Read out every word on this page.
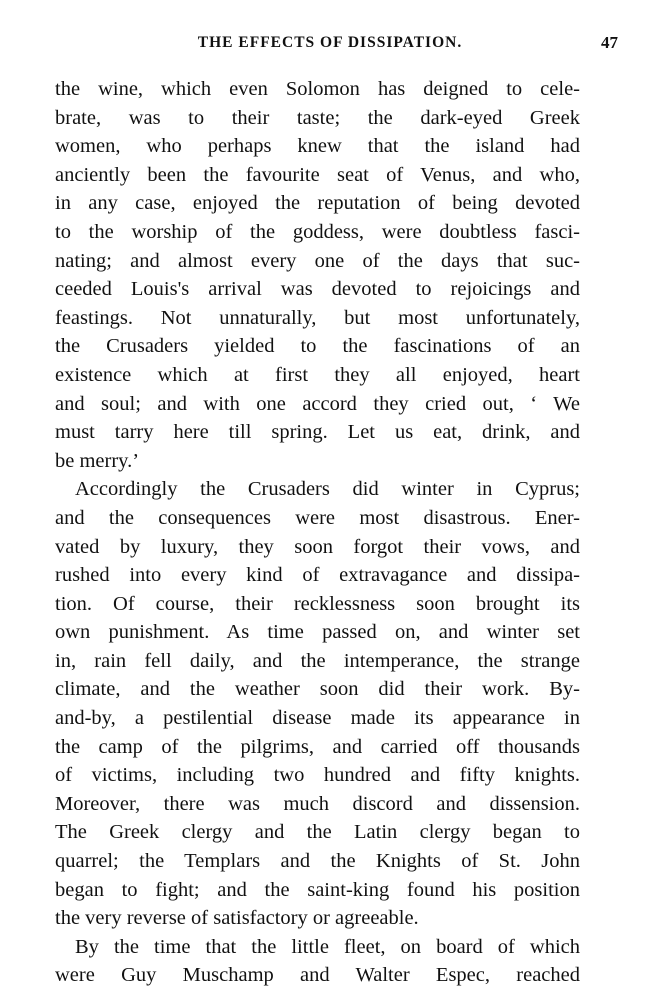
THE EFFECTS OF DISSIPATION.	47
the wine, which even Solomon has deigned to cele-
brate, was to their taste; the dark-eyed Greek
women, who perhaps knew that the island had
anciently been the favourite seat of Venus, and who,
in any case, enjoyed the reputation of being devoted
to the worship of the goddess, were doubtless fasci-
nating; and almost every one of the days that suc-
ceeded Louis's arrival was devoted to rejoicings and
feastings. Not unnaturally, but most unfortunately,
the Crusaders yielded to the fascinations of an
existence which at first they all enjoyed, heart
and soul; and with one accord they cried out, ‘ We
must tarry here till spring. Let us eat, drink, and
be merry.’
Accordingly the Crusaders did winter in Cyprus;
and the consequences were most disastrous. Ener-
vated by luxury, they soon forgot their vows, and
rushed into every kind of extravagance and dissipa-
tion. Of course, their recklessness soon brought its
own punishment. As time passed on, and winter set
in, rain fell daily, and the intemperance, the strange
climate, and the weather soon did their work. By-
and-by, a pestilential disease made its appearance in
the camp of the pilgrims, and carried off thousands
of victims, including two hundred and fifty knights.
Moreover, there was much discord and dissension.
The Greek clergy and the Latin clergy began to
quarrel; the Templars and the Knights of St. John
began to fight; and the saint-king found his position
the very reverse of satisfactory or agreeable.
By the time that the little fleet, on board of which
were Guy Muschamp and Walter Espec, reached
